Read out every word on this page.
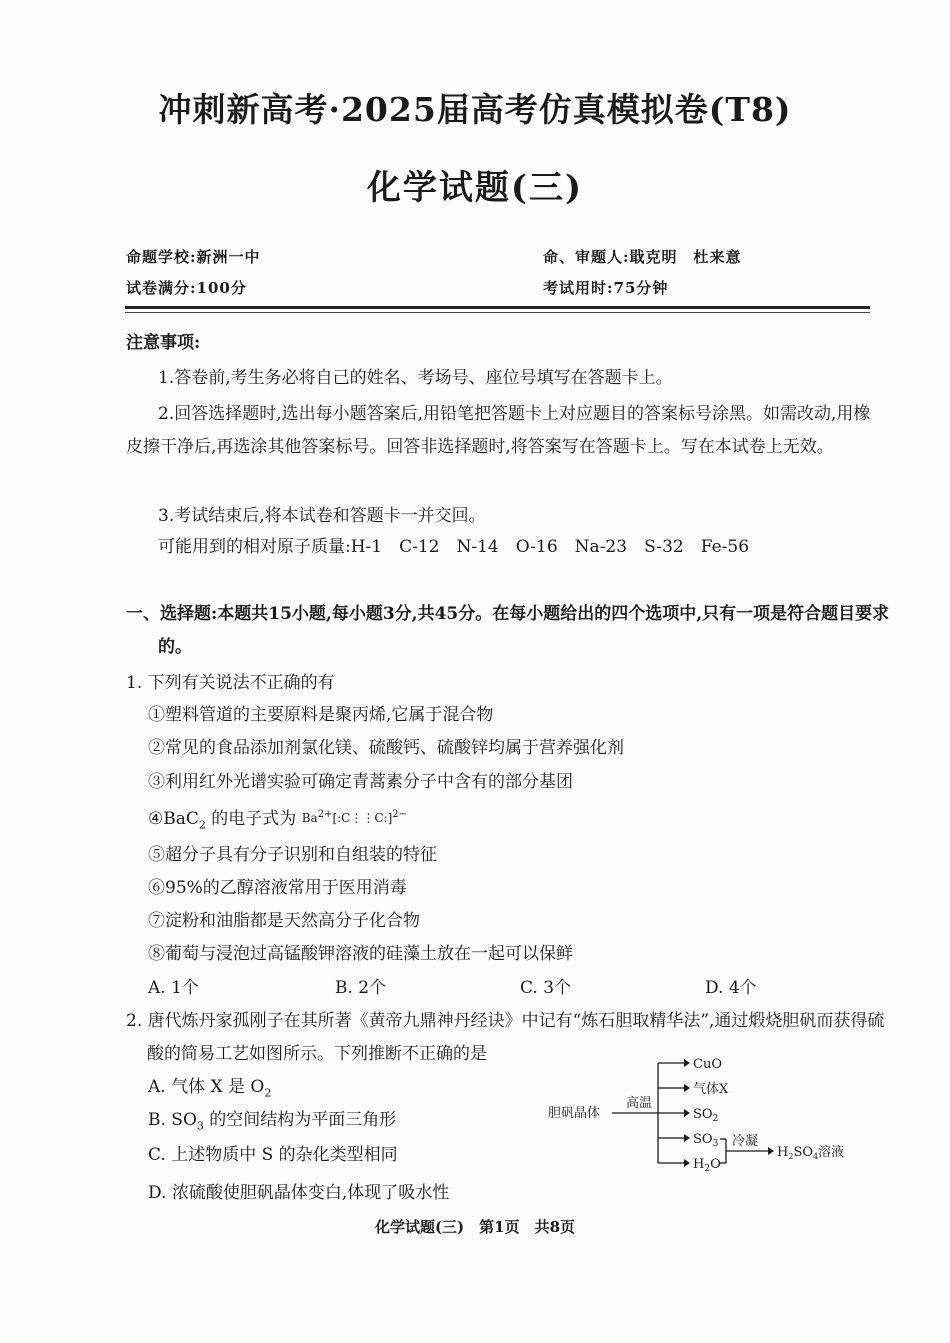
冲刺新高考·2025届高考仿真模拟卷(T8)
化学试题(三)
命题学校:新洲一中	命、审题人:戢克明　杜来意
试卷满分:100分	考试用时:75分钟
注意事项:
1.答卷前,考生务必将自己的姓名、考场号、座位号填写在答题卡上。
2.回答选择题时,选出每小题答案后,用铅笔把答题卡上对应题目的答案标号涂黑。如需改动,用橡皮擦干净后,再选涂其他答案标号。回答非选择题时,将答案写在答题卡上。写在本试卷上无效。
3.考试结束后,将本试卷和答题卡一并交回。
可能用到的相对原子质量:H-1　C-12　N-14　O-16　Na-23　S-32　Fe-56
一、选择题:本题共15小题,每小题3分,共45分。在每小题给出的四个选项中,只有一项是符合题目要求的。
1. 下列有关说法不正确的有
①塑料管道的主要原料是聚丙烯,它属于混合物
②常见的食品添加剂氯化镁、硫酸钙、硫酸锌均属于营养强化剂
③利用红外光谱实验可确定青蒿素分子中含有的部分基团
④BaC$_2$ 的电子式为 $Ba^{2+}[:C⋮⋮C:]^{2-}$
⑤超分子具有分子识别和自组装的特征
⑥95%的乙醇溶液常用于医用消毒
⑦淀粉和油脂都是天然高分子化合物
⑧葡萄与浸泡过高锰酸钾溶液的硅藻土放在一起可以保鲜
A. 1个	B. 2个	C. 3个	D. 4个
2. 唐代炼丹家孤刚子在其所著《黄帝九鼎神丹经诀》中记有“炼石胆取精华法”,通过煅烧胆矾而获得硫酸的简易工艺如图所示。下列推断不正确的是
A. 气体 X 是 $O_2$
B. $SO_3$ 的空间结构为平面三角形
C. 上述物质中 S 的杂化类型相同
D. 浓硫酸使胆矾晶体变白,体现了吸水性
胆矾晶体
高温
CuO
气体X
$SO_2$
$SO_3$
$H_2O$
冷凝
$H_2SO_4$溶液
化学试题(三)　第1页　共8页
